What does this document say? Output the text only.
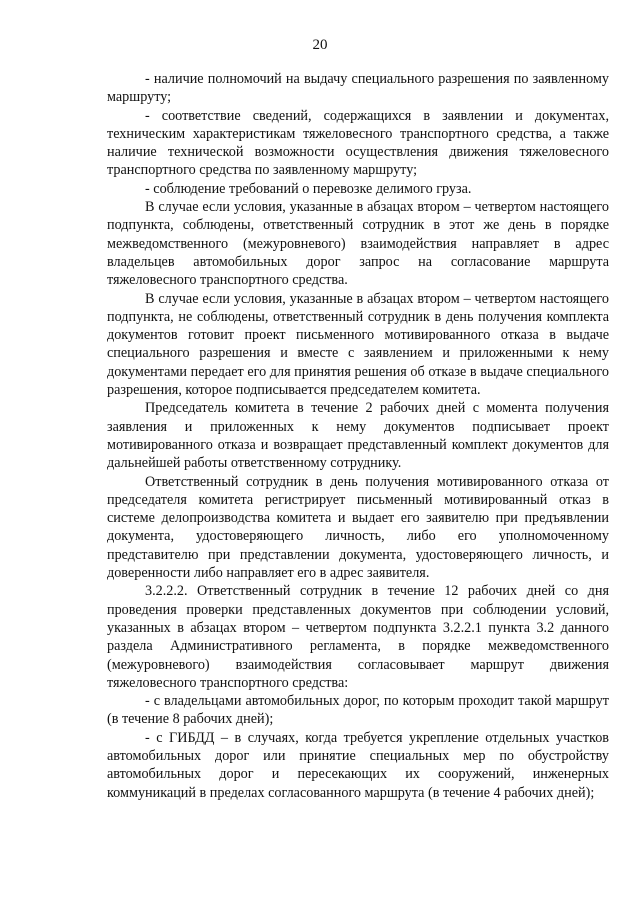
20

- наличие полномочий на выдачу специального разрешения по заявленному маршруту;

- соответствие сведений, содержащихся в заявлении и документах, техническим характеристикам тяжеловесного транспортного средства, а также наличие технической возможности осуществления движения тяжеловесного транспортного средства по заявленному маршруту;

- соблюдение требований о перевозке делимого груза.

В случае если условия, указанные в абзацах втором – четвертом настоящего подпункта, соблюдены, ответственный сотрудник в этот же день в порядке межведомственного (межуровневого) взаимодействия направляет в адрес владельцев автомобильных дорог запрос на согласование маршрута тяжеловесного транспортного средства.

В случае если условия, указанные в абзацах втором – четвертом настоящего подпункта, не соблюдены, ответственный сотрудник в день получения комплекта документов готовит проект письменного мотивированного отказа в выдаче специального разрешения и вместе с заявлением и приложенными к нему документами передает его для принятия решения об отказе в выдаче специального разрешения, которое подписывается председателем комитета.

Председатель комитета в течение 2 рабочих дней с момента получения заявления и приложенных к нему документов подписывает проект мотивированного отказа и возвращает представленный комплект документов для дальнейшей работы ответственному сотруднику.

Ответственный сотрудник в день получения мотивированного отказа от председателя комитета регистрирует письменный мотивированный отказ в системе делопроизводства комитета и выдает его заявителю при предъявлении документа, удостоверяющего личность, либо его уполномоченному представителю при представлении документа, удостоверяющего личность, и доверенности либо направляет его в адрес заявителя.

3.2.2.2. Ответственный сотрудник в течение 12 рабочих дней со дня проведения проверки представленных документов при соблюдении условий, указанных в абзацах втором – четвертом подпункта 3.2.2.1 пункта 3.2 данного раздела Административного регламента, в порядке межведомственного (межуровневого) взаимодействия согласовывает маршрут движения тяжеловесного транспортного средства:

- с владельцами автомобильных дорог, по которым проходит такой маршрут (в течение 8 рабочих дней);

- с ГИБДД – в случаях, когда требуется укрепление отдельных участков автомобильных дорог или принятие специальных мер по обустройству автомобильных дорог и пересекающих их сооружений, инженерных коммуникаций в пределах согласованного маршрута (в течение 4 рабочих дней);
